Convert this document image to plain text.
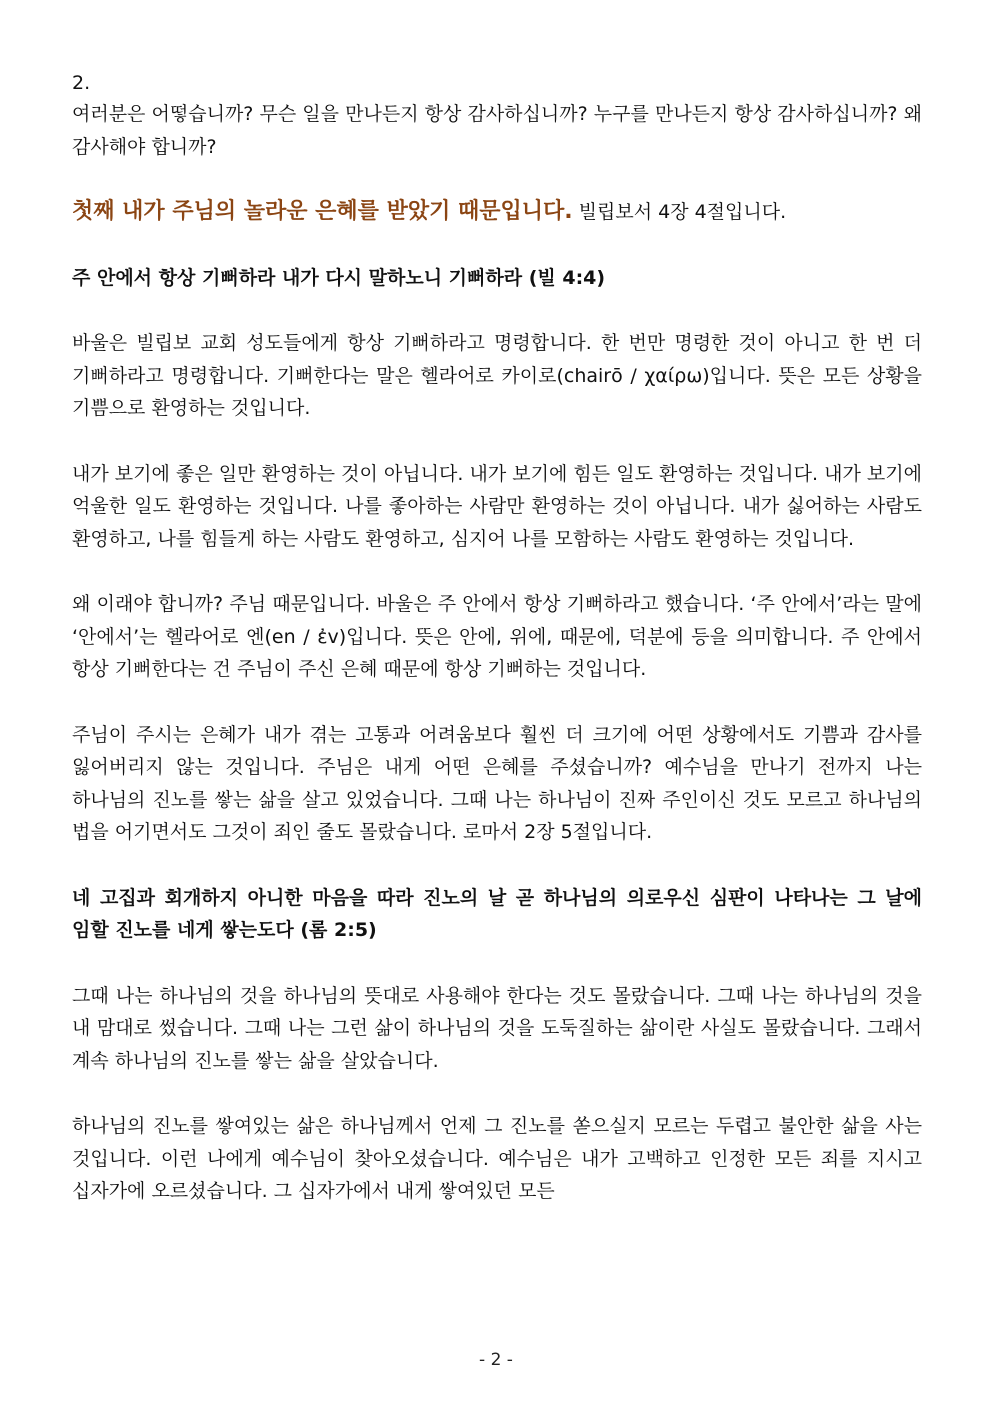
2.

여러분은 어떻습니까? 무슨 일을 만나든지 항상 감사하십니까? 누구를 만나든지 항상 감사하십니까? 왜 감사해야 합니까?

첫째 내가 주님의 놀라운 은혜를 받았기 때문입니다. 빌립보서 4장 4절입니다.

주 안에서 항상 기뻐하라 내가 다시 말하노니 기뻐하라 (빌 4:4)

바울은 빌립보 교회 성도들에게 항상 기뻐하라고 명령합니다. 한 번만 명령한 것이 아니고 한 번 더 기뻐하라고 명령합니다. 기뻐한다는 말은 헬라어로 카이로(chairō / χαίρω)입니다. 뜻은 모든 상황을 기쁨으로 환영하는 것입니다.

내가 보기에 좋은 일만 환영하는 것이 아닙니다. 내가 보기에 힘든 일도 환영하는 것입니다. 내가 보기에 억울한 일도 환영하는 것입니다. 나를 좋아하는 사람만 환영하는 것이 아닙니다. 내가 싫어하는 사람도 환영하고, 나를 힘들게 하는 사람도 환영하고, 심지어 나를 모함하는 사람도 환영하는 것입니다.

왜 이래야 합니까? 주님 때문입니다. 바울은 주 안에서 항상 기뻐하라고 했습니다. ‘주 안에서’라는 말에 ‘안에서’는 헬라어로 엔(en / ἐv)입니다. 뜻은 안에, 위에, 때문에, 덕분에 등을 의미합니다. 주 안에서 항상 기뻐한다는 건 주님이 주신 은혜 때문에 항상 기뻐하는 것입니다.

주님이 주시는 은혜가 내가 겪는 고통과 어려움보다 훨씬 더 크기에 어떤 상황에서도 기쁨과 감사를 잃어버리지 않는 것입니다. 주님은 내게 어떤 은혜를 주셨습니까? 예수님을 만나기 전까지 나는 하나님의 진노를 쌓는 삶을 살고 있었습니다. 그때 나는 하나님이 진짜 주인이신 것도 모르고 하나님의 법을 어기면서도 그것이 죄인 줄도 몰랐습니다. 로마서 2장 5절입니다.

네 고집과 회개하지 아니한 마음을 따라 진노의 날 곧 하나님의 의로우신 심판이 나타나는 그 날에 임할 진노를 네게 쌓는도다 (롬 2:5)

그때 나는 하나님의 것을 하나님의 뜻대로 사용해야 한다는 것도 몰랐습니다. 그때 나는 하나님의 것을 내 맘대로 썼습니다. 그때 나는 그런 삶이 하나님의 것을 도둑질하는 삶이란 사실도 몰랐습니다. 그래서 계속 하나님의 진노를 쌓는 삶을 살았습니다.

하나님의 진노를 쌓여있는 삶은 하나님께서 언제 그 진노를 쏟으실지 모르는 두렵고 불안한 삶을 사는 것입니다. 이런 나에게 예수님이 찾아오셨습니다. 예수님은 내가 고백하고 인정한 모든 죄를 지시고 십자가에 오르셨습니다. 그 십자가에서 내게 쌓여있던 모든

- 2 -
